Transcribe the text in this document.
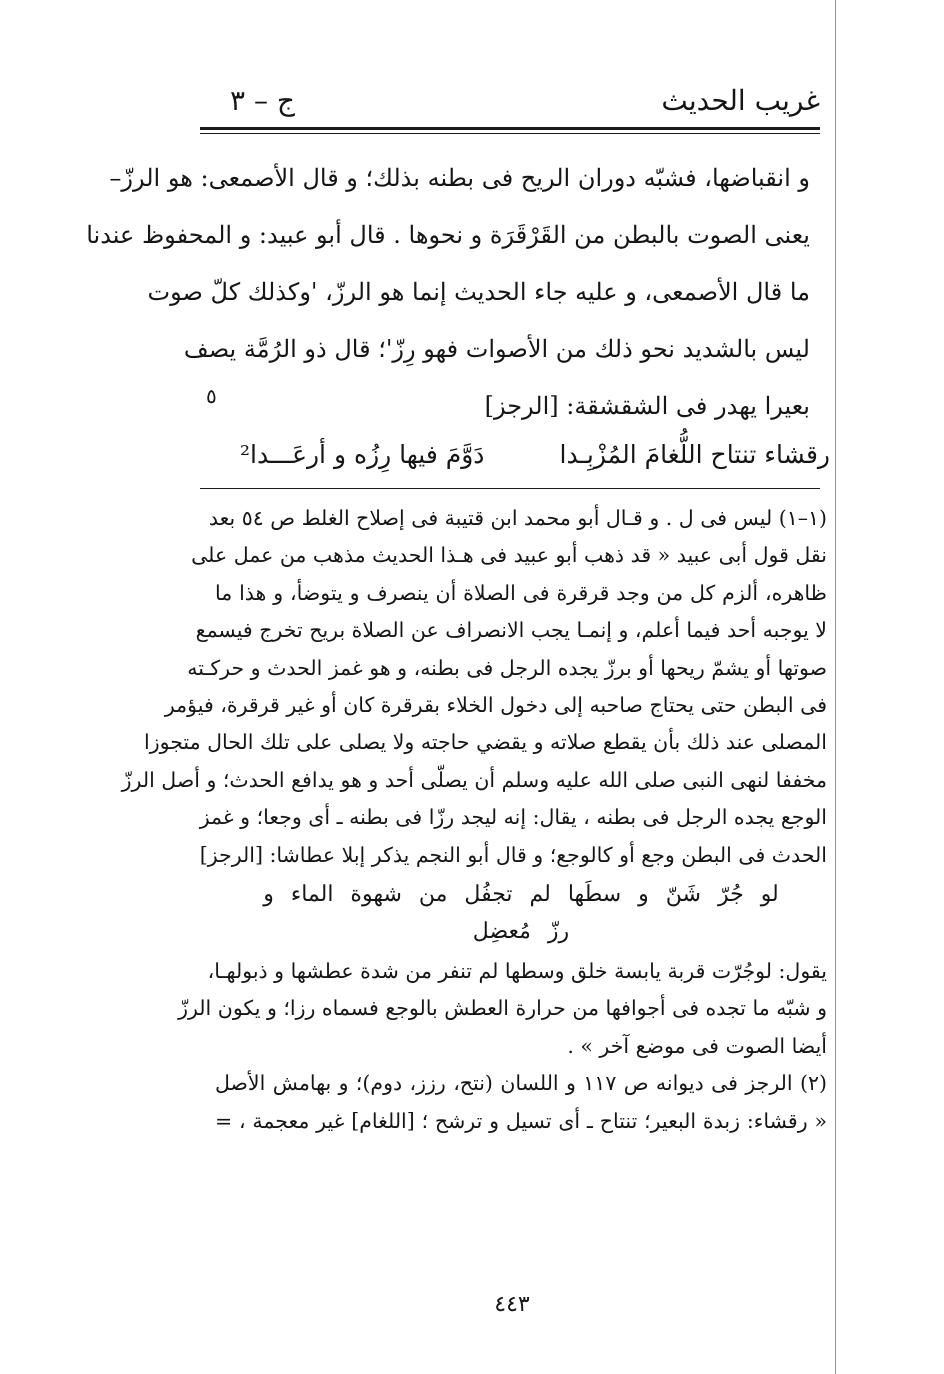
غريب الحديث
ج – ٣
و انقباضها، فشبّه دوران الريح فى بطنه بذلك؛ و قال الأصمعى: هو الرزّ–
يعنى الصوت بالبطن من القَرْقَرَة و نحوها . قال أبو عبيد: و المحفوظ عندنا
ما قال الأصمعى، و عليه جاء الحديث إنما هو الرزّ، 'وكذلك كلّ صوت
ليس بالشديد نحو ذلك من الأصوات فهو رِزّ'؛ قال ذو الرُمَّة يصف
بعيرا يهدر فى الشقشقة: [الرجز]
٥
رقشاء تنتاح اللُّغامَ المُزْبِـدا
دَوَّمَ فيها رِزُه و أرعَـــدا²
(١–١) ليس فى ل . و قـال أبو محمد ابن قتيبة فى إصلاح الغلط ص ٥٤ بعد
نقل قول أبى عبيد « قد ذهب أبو عبيد فى هـذا الحديث مذهب من عمل على
ظاهره، ألزم كل من وجد قرقرة فى الصلاة أن ينصرف و يتوضأ، و هذا ما
لا يوجبه أحد فيما أعلم، و إنمـا يجب الانصراف عن الصلاة بريح تخرج فيسمع
صوتها أو يشمّ ريحها أو برزّ يجده الرجل فى بطنه، و هو غمز الحدث و حركـته
فى البطن حتى يحتاج صاحبه إلى دخول الخلاء بقرقرة كان أو غير قرقرة، فيؤمر
المصلى عند ذلك بأن يقطع صلاته و يقضي حاجته ولا يصلى على تلك الحال متجوزا
مخففا لنهى النبى صلى الله عليه وسلم أن يصلّى أحد و هو يدافع الحدث؛ و أصل الرزّ
الوجع يجده الرجل فى بطنه ، يقال: إنه ليجد رزّا فى بطنه ـ أى وجعا؛ و غمز
الحدث فى البطن وجع أو كالوجع؛ و قال أبو النجم يذكر إبلا عطاشا: [الرجز]
لو جُرّ شَنّ و سطَها لم تجفُل من شهوة الماء و رزّ مُعضِل
يقول: لوجُرّت قربة يابسة خلق وسطها لم تنفر من شدة عطشها و ذبولهـا،
و شبّه ما تجده فى أجوافها من حرارة العطش بالوجع فسماه رزا؛ و يكون الرزّ
أيضا الصوت فى موضع آخر » .
(٢) الرجز فى ديوانه ص ١١٧ و اللسان (نتح، رزز، دوم)؛ و بهامش الأصل
« رقشاء: زبدة البعير؛ تنتاح ـ أى تسيل و ترشح ؛ [اللغام] غير معجمة ، =
٤٤٣
